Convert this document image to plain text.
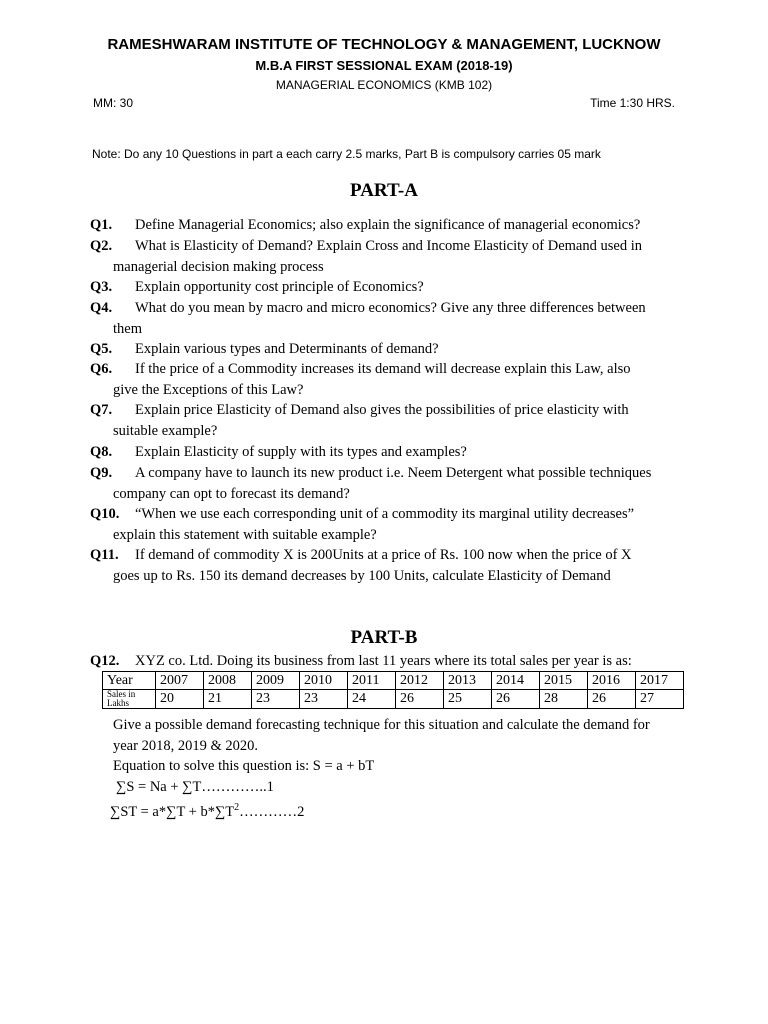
RAMESHWARAM INSTITUTE OF TECHNOLOGY & MANAGEMENT, LUCKNOW
M.B.A FIRST SESSIONAL EXAM (2018-19)
MANAGERIAL ECONOMICS (KMB 102)
MM: 30	Time 1:30 HRS.
Note: Do any 10 Questions in part a each carry 2.5 marks, Part B is compulsory carries 05 mark
PART-A
Q1. Define Managerial Economics; also explain the significance of managerial economics?
Q2. What is Elasticity of Demand? Explain Cross and Income Elasticity of Demand used in
managerial decision making process
Q3. Explain opportunity cost principle of Economics?
Q4. What do you mean by macro and micro economics? Give any three differences between
them
Q5. Explain various types and Determinants of demand?
Q6. If the price of a Commodity increases its demand will decrease explain this Law, also
give the Exceptions of this Law?
Q7. Explain price Elasticity of Demand also gives the possibilities of price elasticity with
suitable example?
Q8. Explain Elasticity of supply with its types and examples?
Q9. A company have to launch its new product i.e. Neem Detergent what possible techniques
company can opt to forecast its demand?
Q10. “When we use each corresponding unit of a commodity its marginal utility decreases”
explain this statement with suitable example?
Q11. If demand of commodity X is 200Units at a price of Rs. 100 now when the price of X
goes up to Rs. 150 its demand decreases by 100 Units, calculate Elasticity of Demand
PART-B
Q12. XYZ co. Ltd. Doing its business from last 11 years where its total sales per year is as:
Year	2007	2008	2009	2010	2011	2012	2013	2014	2015	2016	2017
Sales in Lakhs	20	21	23	23	24	26	25	26	28	26	27
Give a possible demand forecasting technique for this situation and calculate the demand for
year 2018, 2019 & 2020.
Equation to solve this question is: S = a + bT
∑S = Na + ∑T…………..1
$\sum ST = a*\sum T + b*\sum T^2\dots\dots\dots\dots 2$
